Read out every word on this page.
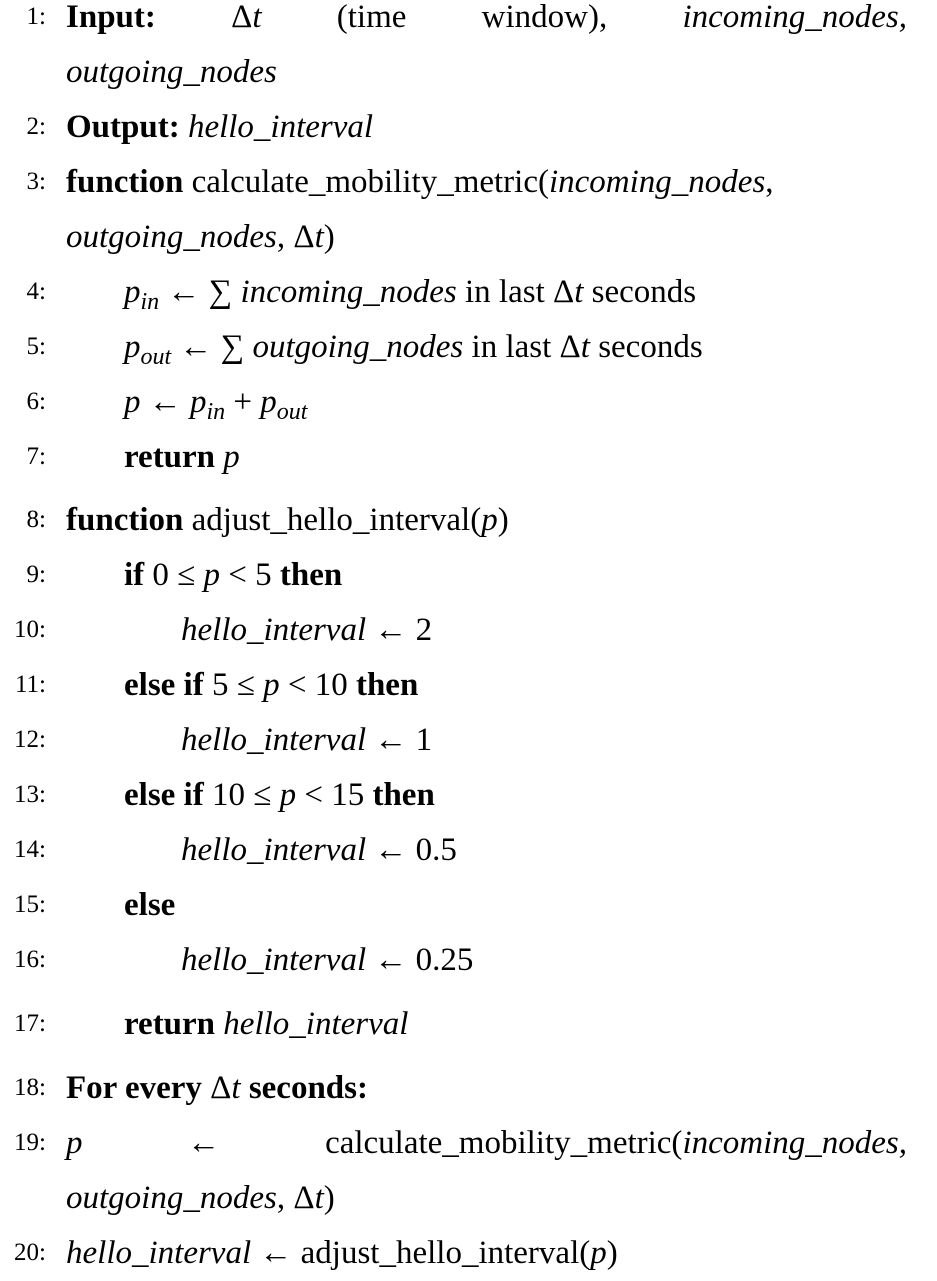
1: Input: Δt (time window), incoming_nodes,
outgoing_nodes
2: Output: hello_interval
3: function calculate_mobility_metric(incoming_nodes,
outgoing_nodes, Δt)
4: $p_{in}$ ← ∑ incoming_nodes in last Δt seconds
5: $p_{out}$ ← ∑ outgoing_nodes in last Δt seconds
6: p ← $p_{in} + p_{out}$
7: return p
8: function adjust_hello_interval(p)
9: if 0 ≤ p < 5 then
10:	hello_interval ← 2
11: else if 5 ≤ p < 10 then
12:	hello_interval ← 1
13: else if 10 ≤ p < 15 then
14:	hello_interval ← 0.5
15: else
16:	hello_interval ← 0.25
17: return hello_interval
18: For every Δt seconds:
19: p	←	calculate_mobility_metric(incoming_nodes,
outgoing_nodes, Δt)
20: hello_interval ← adjust_hello_interval(p)
